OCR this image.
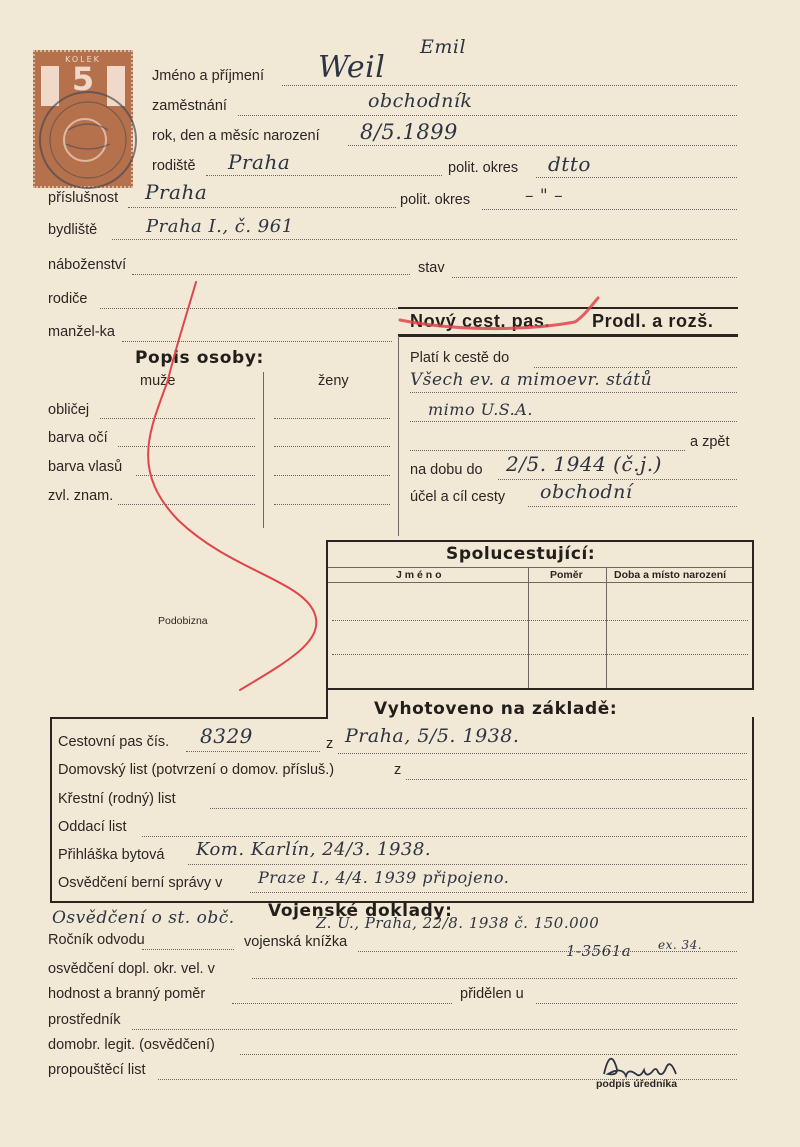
KOLEK
5	Jméno a příjmení Weil
Emil
zaměstnání	obchodník
rok, den a měsíc narození 8/5.1899
rodiště Praha	polit. okres dtto
příslušnost Praha	polit. okres	– " –
bydliště	Praha I., č. 961
náboženství	stav
rodiče
manžel-ka
Nový cest. pas. Prodl. a rozš.
Platí k cestě do
Všech ev. a mimoevr. států
mimo U.S.A.
a zpět
na dobu do 2/5. 1944 (č.j.)
účel a cíl cesty obchodní
Popis osoby:
muže	ženy
obličej
barva očí
barva vlasů
zvl. znam.
Podobizna
Spolucestující:
J m é n o	Poměr	Doba a místo narození
Vyhotoveno na základě:
Cestovní pas čís. 8329	z Praha, 5/5. 1938.
Domovský list (potvrzení o domov. přísluš.)	z
Křestní (rodný) list
Oddací list
Přihláška bytová Kom. Karlín, 24/3. 1938.
Osvědčení berní správy v Praze I., 4/4. 1939 připojeno.
Osvědčení o st. obč. Vojenské doklady:
Z. Ú., Praha, 22/8. 1938 č. 150.000
1-3561a ex. 34.
Ročník odvodu	vojenská knížka
osvědčení dopl. okr. vel. v
hodnost a branný poměr	přidělen u
prostředník
domobr. legit. (osvědčení)
propouštěcí list
podpis úředníka
